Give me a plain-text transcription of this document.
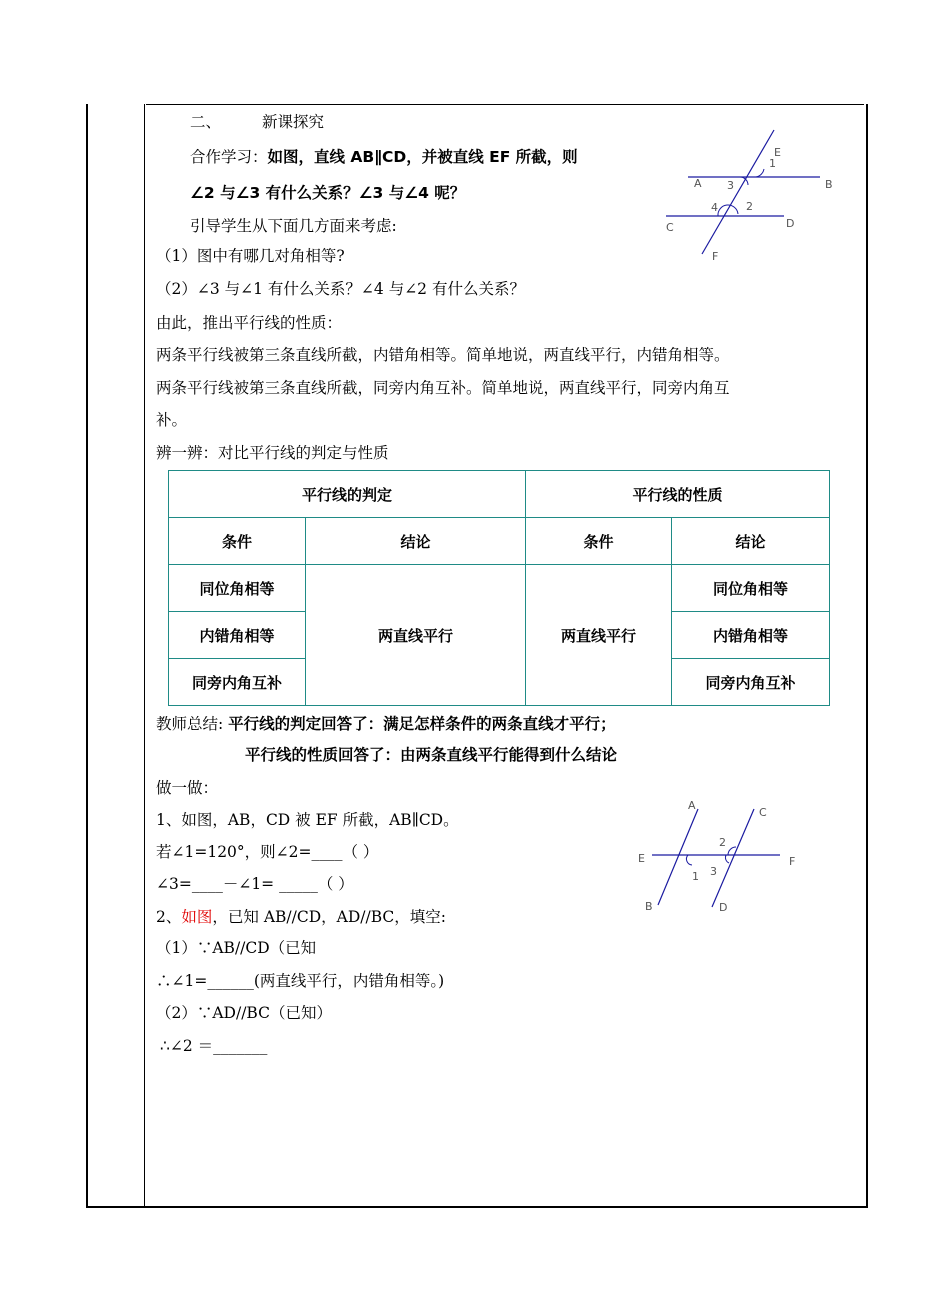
二、	新课探究
合作学习：如图，直线 AB∥CD，并被直线 EF 所截，则
∠2 与∠3 有什么关系？∠3 与∠4 呢？
引导学生从下面几方面来考虑:
（1）图中有哪几对角相等?
（2）∠3 与∠1 有什么关系？∠4 与∠2 有什么关系？
由此，推出平行线的性质：
两条平行线被第三条直线所截，内错角相等。简单地说，两直线平行，内错角相等。
两条平行线被第三条直线所截，同旁内角互补。简单地说，两直线平行，同旁内角互
补。
辨一辨：对比平行线的判定与性质
E
1
A 3	B
4	2
C	D
F
平行线的判定		平行线的性质	
条件	结论	条件	结论
同位角相等	两直线平行	两直线平行	同位角相等
内错角相等			内错角相等
同旁内角互补			同旁内角互补
教师总结: 平行线的判定回答了：满足怎样条件的两条直线才平行；
平行线的性质回答了：由两条直线平行能得到什么结论
做一做：
1、如图，AB，CD 被 EF 所截，AB∥CD。
若∠1=120°，则∠2=____（ ）
∠3=____－∠1= _____（ ）
2、如图，已知 AB//CD，AD//BC，填空:
（1）∵AB//CD（已知
∴∠1=______(两直线平行，内错角相等。)
（2）∵AD//BC（已知）
∴∠2 ＝_______
A
C
2
E	F
1 3
B	D
